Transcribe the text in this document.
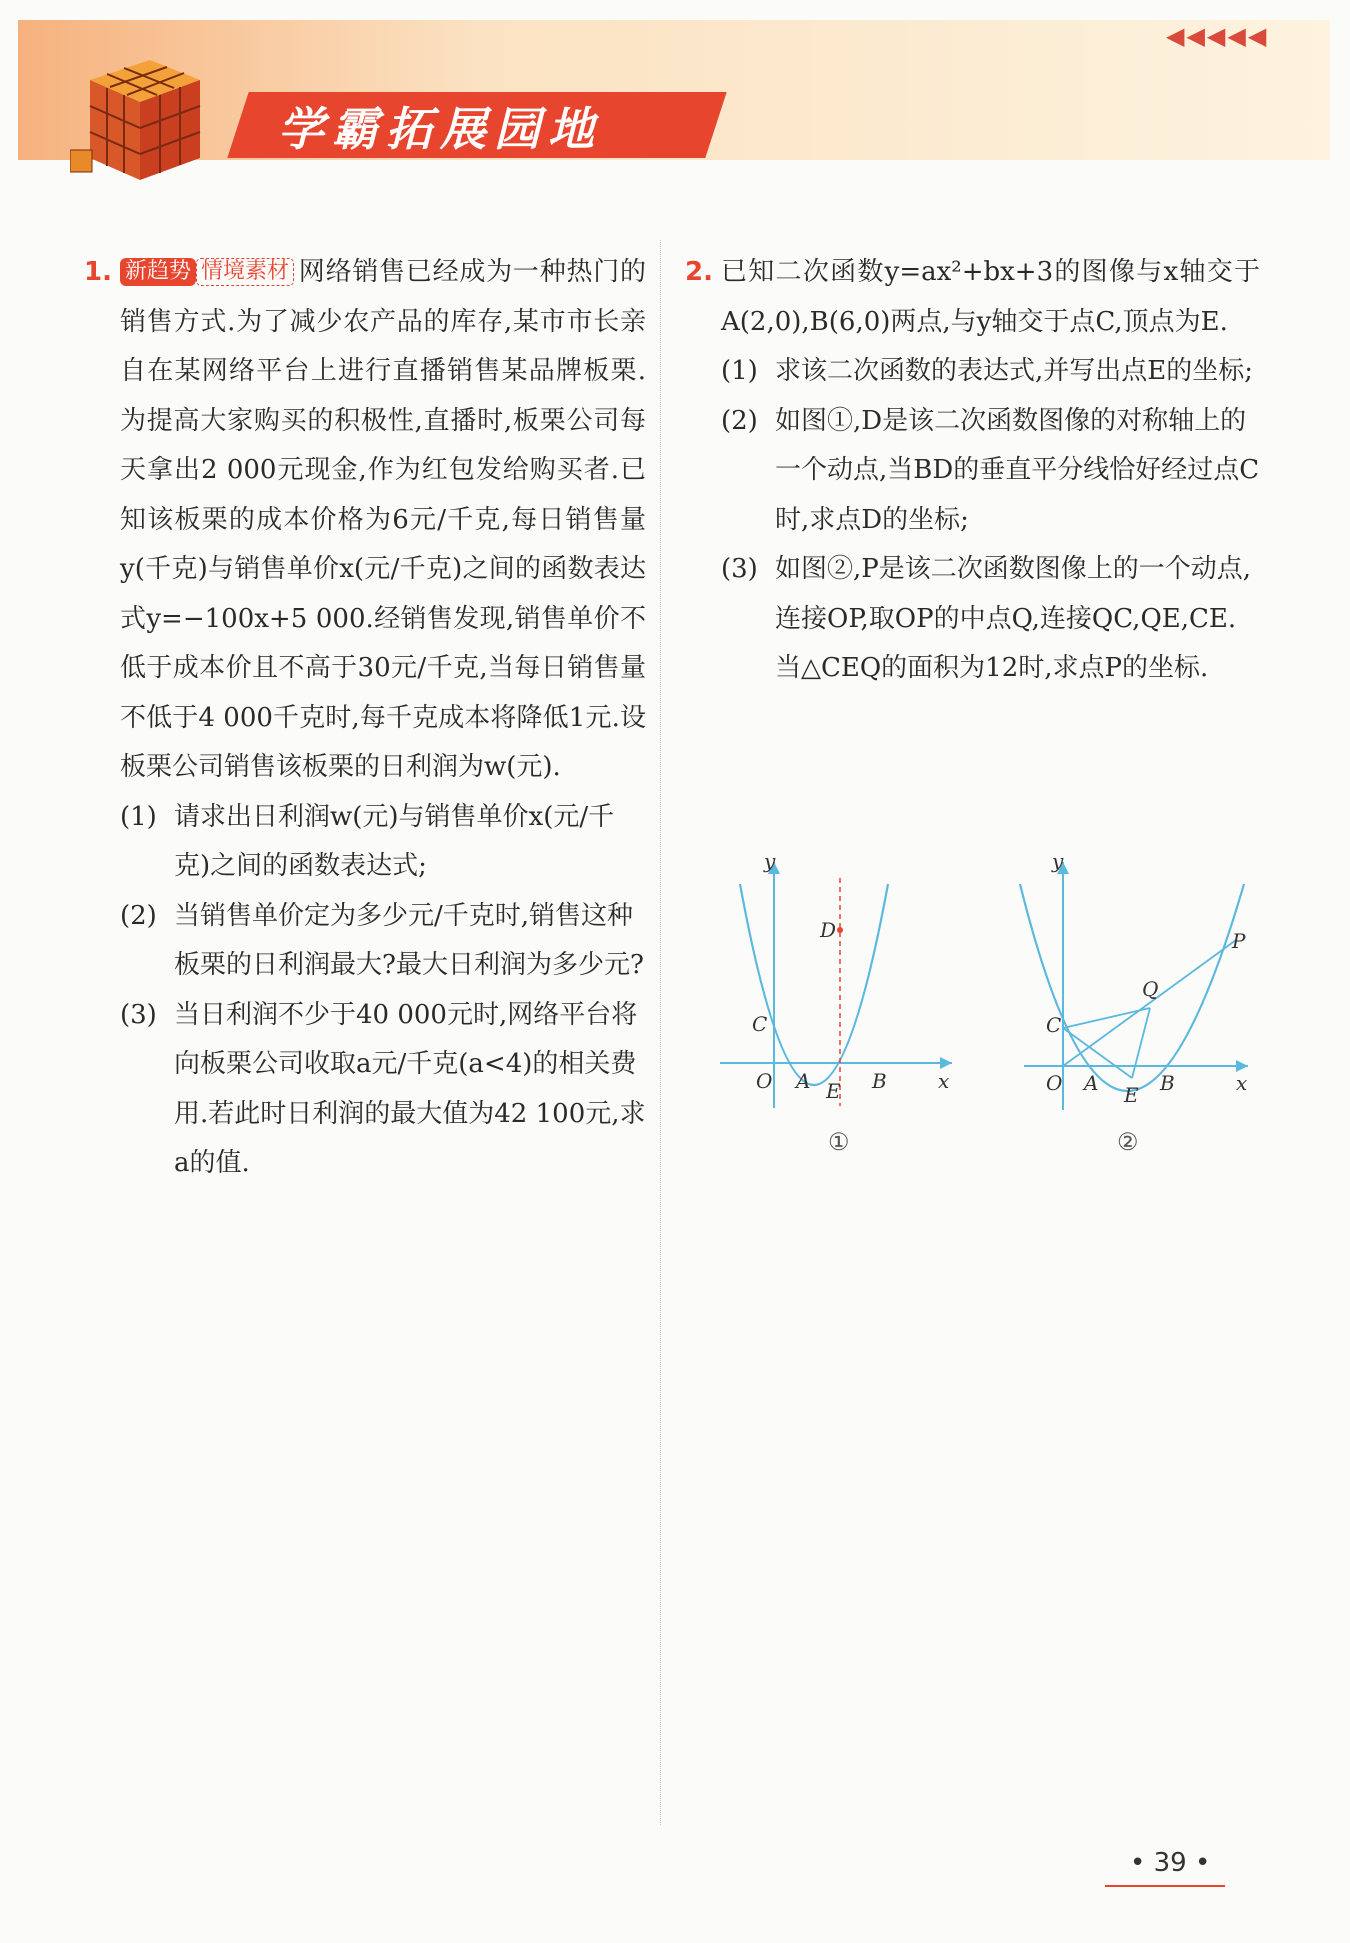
学霸拓展园地
◀◀◀◀◀
1. 新趋势 情境素材 网络销售已经成为一种热门的销售方式.为了减少农产品的库存,某市市长亲自在某网络平台上进行直播销售某品牌板栗.为提高大家购买的积极性,直播时,板栗公司每天拿出2 000元现金,作为红包发给购买者.已知该板栗的成本价格为6元/千克,每日销售量y(千克)与销售单价x(元/千克)之间的函数表达式y=−100x+5 000.经销售发现,销售单价不低于成本价且不高于30元/千克,当每日销售量不低于4 000千克时,每千克成本将降低1元.设板栗公司销售该板栗的日利润为w(元).
(1) 请求出日利润w(元)与销售单价x(元/千克)之间的函数表达式;
(2) 当销售单价定为多少元/千克时,销售这种板栗的日利润最大?最大日利润为多少元?
(3) 当日利润不少于40 000元时,网络平台将向板栗公司收取a元/千克(a<4)的相关费用.若此时日利润的最大值为42 100元,求a的值.
2. 已知二次函数y=ax²+bx+3的图像与x轴交于A(2,0),B(6,0)两点,与y轴交于点C,顶点为E.
(1) 求该二次函数的表达式,并写出点E的坐标;
(2) 如图①,D是该二次函数图像的对称轴上的一个动点,当BD的垂直平分线恰好经过点C时,求点D的坐标;
(3) 如图②,P是该二次函数图像上的一个动点,连接OP,取OP的中点Q,连接QC,QE,CE.当△CEQ的面积为12时,求点P的坐标.
y
x
O A	B
C
D
E
①
y
x
O A	B
C
E
P
Q
②
• 39 •
